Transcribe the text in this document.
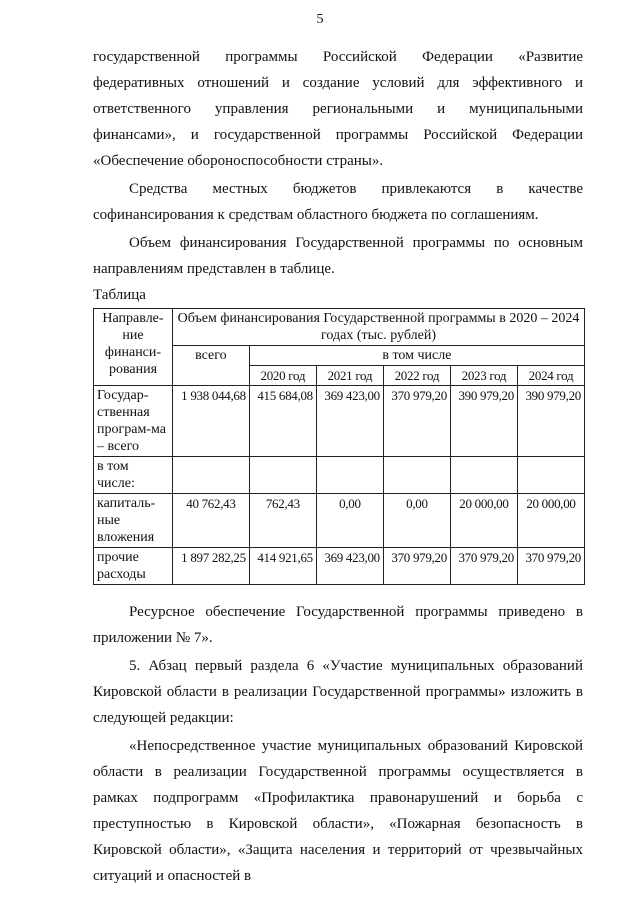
5

государственной программы Российской Федерации «Развитие федеративных отношений и создание условий для эффективного и ответственного управления региональными и муниципальными финансами», и государственной программы Российской Федерации «Обеспечение обороноспособности страны».

Средства местных бюджетов привлекаются в качестве софинансирования к средствам областного бюджета по соглашениям.

Объем финансирования Государственной программы по основным направлениям представлен в таблице.

Таблица

Направле-ние финанси-рования	Объем финансирования Государственной программы в 2020 – 2024 годах (тыс. рублей)					
	всего	в том числе				
		2020 год	2021 год	2022 год	2023 год	2024 год
Государ-ственная програм-ма – всего	1 938 044,68	415 684,08	369 423,00	370 979,20	390 979,20	390 979,20
в том числе:						
капиталь-ные вложения	40 762,43	762,43	0,00	0,00	20 000,00	20 000,00
прочие расходы	1 897 282,25	414 921,65	369 423,00	370 979,20	370 979,20	370 979,20

Ресурсное обеспечение Государственной программы приведено в приложении № 7».

5. Абзац первый раздела 6 «Участие муниципальных образований Кировской области в реализации Государственной программы» изложить в следующей редакции:

«Непосредственное участие муниципальных образований Кировской области в реализации Государственной программы осуществляется в рамках подпрограмм «Профилактика правонарушений и борьба с преступностью в Кировской области», «Пожарная безопасность в Кировской области», «Защита населения и территорий от чрезвычайных ситуаций и опасностей в
